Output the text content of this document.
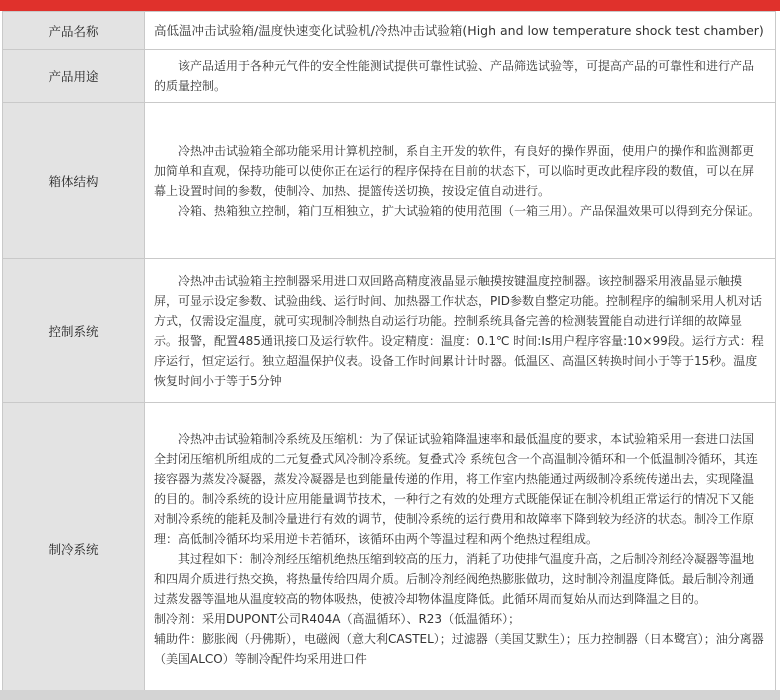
产品名称	高低温冲击试验箱/温度快速变化试验机/冷热冲击试验箱(High and low temperature shock test chamber)

产品用途	该产品适用于各种元气件的安全性能测试提供可靠性试验、产品筛选试验等，可提高产品的可靠性和进行产品的质量控制。

箱体结构	冷热冲击试验箱全部功能采用计算机控制，系自主开发的软件，有良好的操作界面，使用户的操作和监测都更加简单和直观，保持功能可以使你正在运行的程序保持在目前的状态下，可以临时更改此程序段的数值，可以在屏幕上设置时间的参数，使制冷、加热、提篮传送切换，按设定值自动进行。

冷箱、热箱独立控制，箱门互相独立，扩大试验箱的使用范围（一箱三用）。产品保温效果可以得到充分保证。

控制系统	冷热冲击试验箱主控制器采用进口双回路高精度液晶显示触摸按键温度控制器。该控制器采用液晶显示触摸屏，可显示设定参数、试验曲线、运行时间、加热器工作状态，PID参数自整定功能。控制程序的编制采用人机对话方式，仅需设定温度，就可实现制冷制热自动运行功能。控制系统具备完善的检测装置能自动进行详细的故障显示。报警，配置485通讯接口及运行软件。设定精度：温度：0.1℃ 时间:Is用户程序容量:10×99段。运行方式：程序运行，恒定运行。独立超温保护仪表。设备工作时间累计计时器。低温区、高温区转换时间小于等于15秒。温度恢复时间小于等于5分钟

制冷系统	冷热冲击试验箱制冷系统及压缩机：为了保证试验箱降温速率和最低温度的要求，本试验箱采用一套进口法国全封闭压缩机所组成的二元复叠式风冷制冷系统。复叠式冷 系统包含一个高温制冷循环和一个低温制冷循环，其连接容器为蒸发冷凝器，蒸发冷凝器是也到能量传递的作用，将工作室内热能通过两级制冷系统传递出去，实现隆温的目的。制冷系统的设计应用能量调节技术，一种行之有效的处理方式既能保证在制冷机组正常运行的情况下又能对制冷系统的能耗及制冷量进行有效的调节，使制冷系统的运行费用和故障率下降到较为经济的状态。制冷工作原理：高低制冷循环均采用逆卡若循环，该循环由两个等温过程和两个绝热过程组成。

其过程如下：制冷剂经压缩机绝热压缩到较高的压力，消耗了功使排气温度升高，之后制冷剂经冷凝器等温地和四周介质进行热交换，将热量传给四周介质。后制冷剂经阀绝热膨胀做功，这时制冷剂温度降低。最后制冷剂通过蒸发器等温地从温度较高的物体吸热，使被冷却物体温度降低。此循环周而复始从而达到降温之目的。

制冷剂：采用DUPONT公司R404A（高温循环）、R23（低温循环）；

辅助件：膨胀阀（丹佛斯），电磁阀（意大利CASTEL）；过滤器（美国艾默生）；压力控制器（日本鹭宫）；油分离器（美国ALCO）等制冷配件均采用进口件
